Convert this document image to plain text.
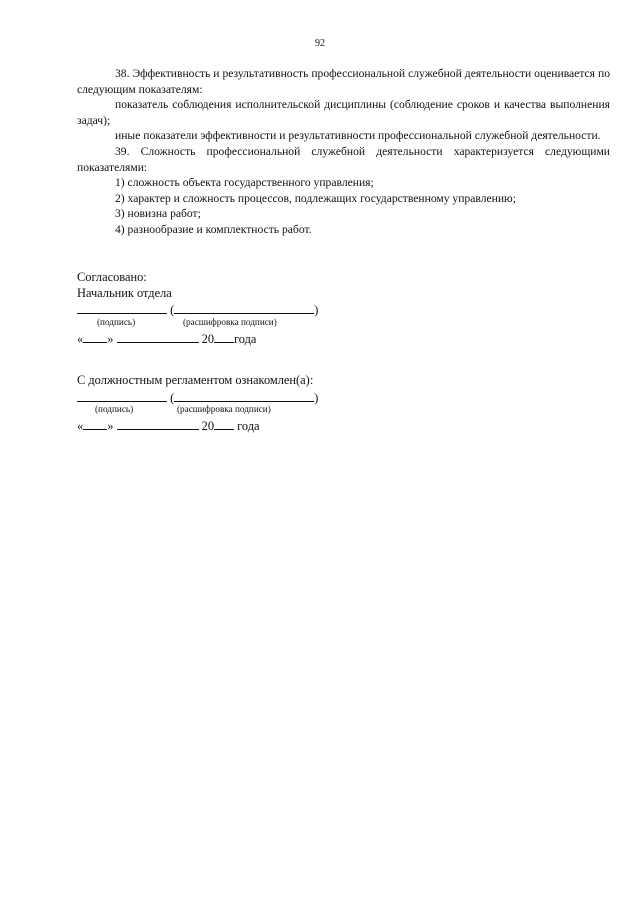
92

38. Эффективность и результативность профессиональной служебной деятельности оценивается по следующим показателям:

показатель соблюдения исполнительской дисциплины (соблюдение сроков и качества выполнения задач);

иные показатели эффективности и результативности профессиональной служебной деятельности.

39. Сложность профессиональной служебной деятельности характеризуется следующими показателями:

1) сложность объекта государственного управления;

2) характер и сложность процессов, подлежащих государственному управлению;

3) новизна работ;

4) разнообразие и комплектность работ.

Согласовано:
Начальник отдела
(	)
(подпись)	(расшифровка подписи)
« »	20 года
С должностным регламентом ознакомлен(а):
(	)
(подпись)	(расшифровка подписи)
« »	20 года
